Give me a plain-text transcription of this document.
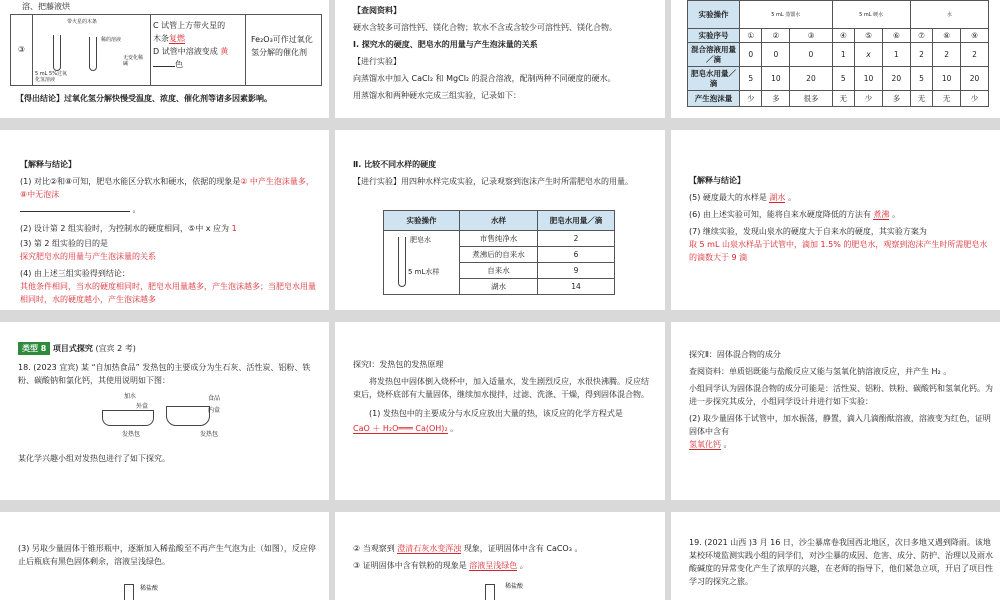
溶、把藤液烘
③
带火星的木条
5 mL 5%过氧化氢溶液
稀的溶液
无变化稀碱
C 试管上方带火星的
木条复燃
D 试管中溶液变成 黄
色
Fe₂O₃可作过氧化
氢分解的催化剂
【得出结论】过氧化氢分解快慢受温度、浓度、催化剂等诸多因素影响。
【查阅资料】
硬水含较多可溶性钙、镁化合物；软水不含或含较少可溶性钙、镁化合物。
Ⅰ. 探究水的硬度、肥皂水的用量与产生泡沫量的关系
【进行实验】
向蒸馏水中加入 CaCl₂ 和 MgCl₂ 的混合溶液，配制两种不同硬度的硬水。
用蒸馏水和两种硬水完成三组实验，记录如下：
实验操作	5 mL 蒸馏水			5 mL 硬水			水		
实验序号	①	②	③	④	⑤	⑥	⑦	⑧	⑨
混合溶液用量／滴	0	0	0	1	x	1	2	2	2
肥皂水用量／滴	5	10	20	5	10	20	5	10	20
产生泡沫量	少	多	很多	无	少	多	无	无	少
【解释与结论】
(1) 对比②和⑧可知，肥皂水能区分软水和硬水，依据的现象是② 中产生泡沫量多，⑧中无泡沫
。
(2) 设计第 2 组实验时，为控制水的硬度相同，⑤中 x 应为 1
(3) 第 2 组实验的目的是
探究肥皂水的用量与产生泡沫量的关系
(4) 由上述三组实验得到结论：
其他条件相同，当水的硬度相同时，肥皂水用量越多，产生泡沫越多；当肥皂水用量相同时，水的硬度越小，产生泡沫越多
Ⅱ. 比较不同水样的硬度
【进行实验】用四种水样完成实验，记录观察到泡沫产生时所需肥皂水的用量。
实验操作	水样	肥皂水用量／滴

肥皂水
5 mL水样	市售纯净水	2
	煮沸后的自来水	6
	自来水	9
	湖水	14
【解释与结论】
(5) 硬度最大的水样是 湖水 。
(6) 由上述实验可知，能将自来水硬度降低的方法有 煮沸 。
(7) 继续实验，发现山泉水的硬度大于自来水的硬度，其实验方案为
取 5 mL 山泉水样品于试管中，滴加 1.5% 的肥皂水，观察到泡沫产生时所需肥皂水的滴数大于 9 滴
类型 8 项目式探究 (宜宾 2 考)
18. (2023 宜宾) 某 “自加热食品” 发热包的主要成分为生石灰、活性炭、铝粉、铁粉、碳酸钠和氯化钙，其使用说明如下图：
加水
外盒
发热包
食品
内盒
发热包
某化学兴趣小组对发热包进行了如下探究。
探究Ⅰ：发热包的发热原理
将发热包中固体倒入烧杯中，加入适量水，发生剧烈反应，水很快沸腾。反应结束后，烧杯底部有大量固体，继续加水搅拌，过滤、洗涤、干燥，得到固体混合物。
(1) 发热包中的主要成分与水反应放出大量的热，该反应的化学方程式是
CaO ＋ H₂O═══ Ca(OH)₂ 。
探究Ⅱ：固体混合物的成分
查阅资料：单质铝既能与盐酸反应又能与氢氧化钠溶液反应，并产生 H₂ 。
小组同学认为固体混合物的成分可能是：活性炭、铝粉、铁粉、碳酸钙和氢氧化钙。为进一步探究其成分，小组同学设计并进行如下实验：
(2) 取少量固体于试管中，加水振荡，静置，滴入几滴酚酞溶液，溶液变为红色，证明固体中含有
氢氧化钙 。
(3) 另取少量固体于锥形瓶中，逐渐加入稀盐酸至不再产生气泡为止（如图），反应停止后瓶底有黑色固体剩余，溶液呈浅绿色。
稀盐酸
② 当观察到 澄清石灰水变浑浊 现象，证明固体中含有 CaCO₃ 。
③ 证明固体中含有铁粉的现象是 溶液呈浅绿色 。
稀盐酸
19. (2021 山西 )3 月 16 日，沙尘暴席卷我国西北地区，次日多地又遇到降雨。该地某校环境监测实践小组的同学们，对沙尘暴的成因、危害、成分、防护、治理以及雨水酸碱度的异常变化产生了浓厚的兴趣，在老师的指导下，他们紧急立项，开启了项目性学习的探究之旅。
